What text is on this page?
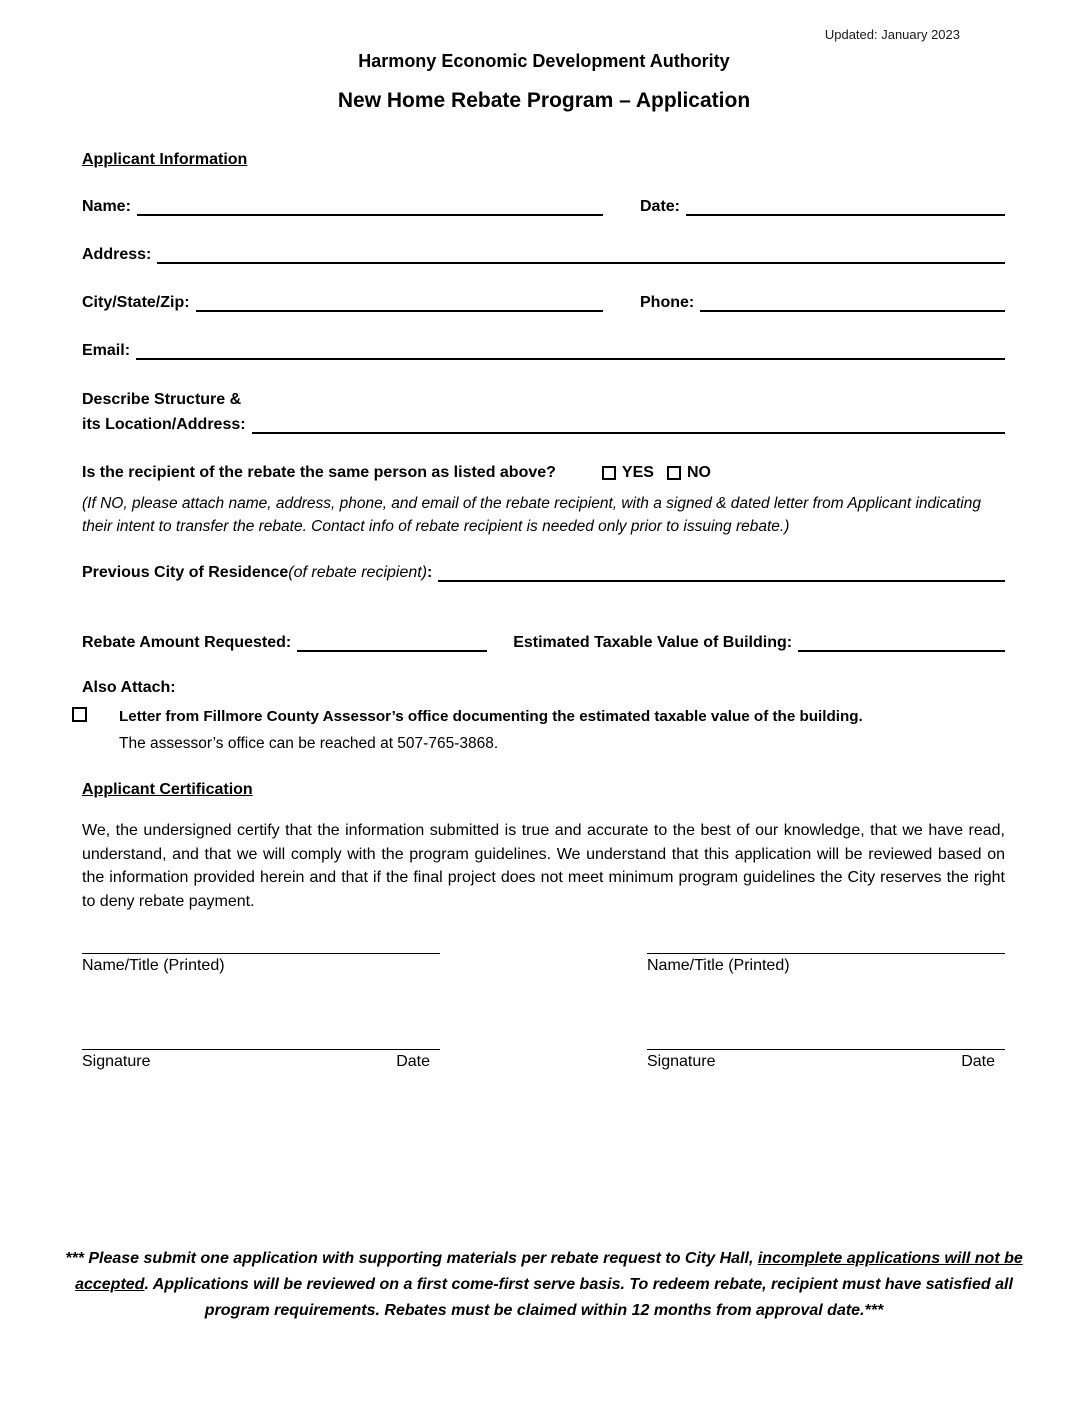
Updated: January 2023
Harmony Economic Development Authority
New Home Rebate Program – Application
Applicant Information
Name:	Date:
Address:
City/State/Zip:	Phone:
Email:
Describe Structure &
its Location/Address:
Is the recipient of the rebate the same person as listed above?	YES NO
(If NO, please attach name, address, phone, and email of the rebate recipient, with a signed & dated letter from Applicant indicating their intent to transfer the rebate. Contact info of rebate recipient is needed only prior to issuing rebate.)
Previous City of Residence (of rebate recipient) :
Rebate Amount Requested:	Estimated Taxable Value of Building:
Also Attach:
Letter from Fillmore County Assessor’s office documenting the estimated taxable value of the building.
The assessor’s office can be reached at 507-765-3868.
Applicant Certification
We, the undersigned certify that the information submitted is true and accurate to the best of our knowledge, that we have read, understand, and that we will comply with the program guidelines. We understand that this application will be reviewed based on the information provided herein and that if the final project does not meet minimum program guidelines the City reserves the right to deny rebate payment.
Name/Title (Printed)
Signature	Date
Name/Title (Printed)
Signature	Date
*** Please submit one application with supporting materials per rebate request to City Hall, incomplete applications will not be accepted. Applications will be reviewed on a first come-first serve basis. To redeem rebate, recipient must have satisfied all program requirements. Rebates must be claimed within 12 months from approval date.***
